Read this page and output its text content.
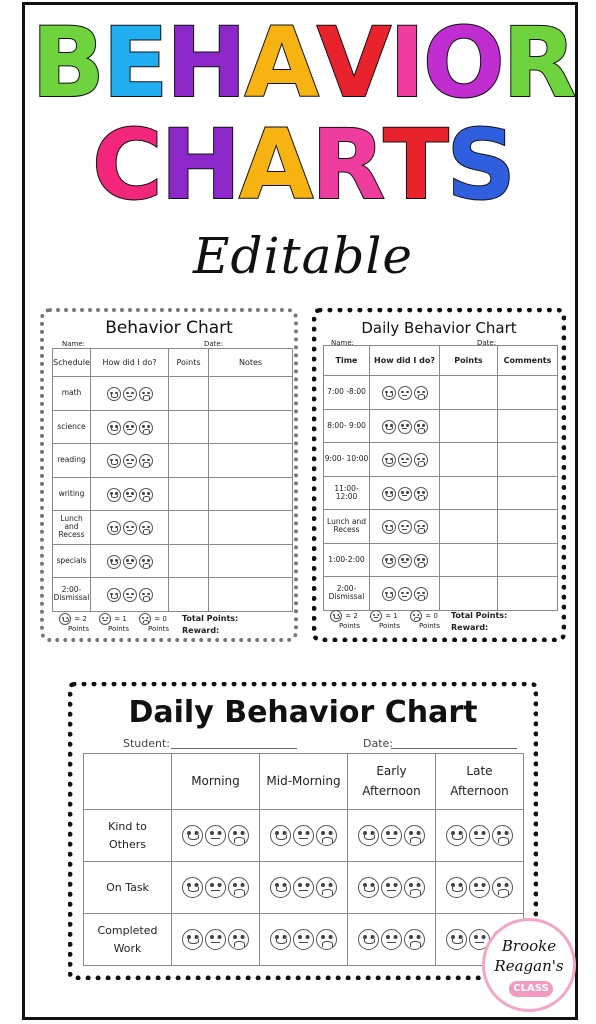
BEHAVIOR
CHARTS
Editable
Behavior Chart
Name:	Date:
Schedule	How did I do?	Points	Notes
math			
science			
reading			
writing			
Lunch and Recess			
specials			
2:00- Dismissal			
= 2
Points
= 1
Points
= 0
Points
Total Points:
Reward:
Daily Behavior Chart
Name:	Date:
Time	How did I do?	Points	Comments
7:00 -8:00			
8:00- 9:00			
9:00- 10:00			
11:00-12:00			
Lunch and Recess			
1:00-2:00			
2:00- Dismissal			
= 2
Points
= 1
Points
= 0
Points
Total Points:
Reward:
Daily Behavior Chart
Student:	Date:
	Morning	Mid-Morning	Early Afternoon	Late Afternoon
Kind to Others				
On Task				
Completed Work					Brooke
Reagan's
CLASS
